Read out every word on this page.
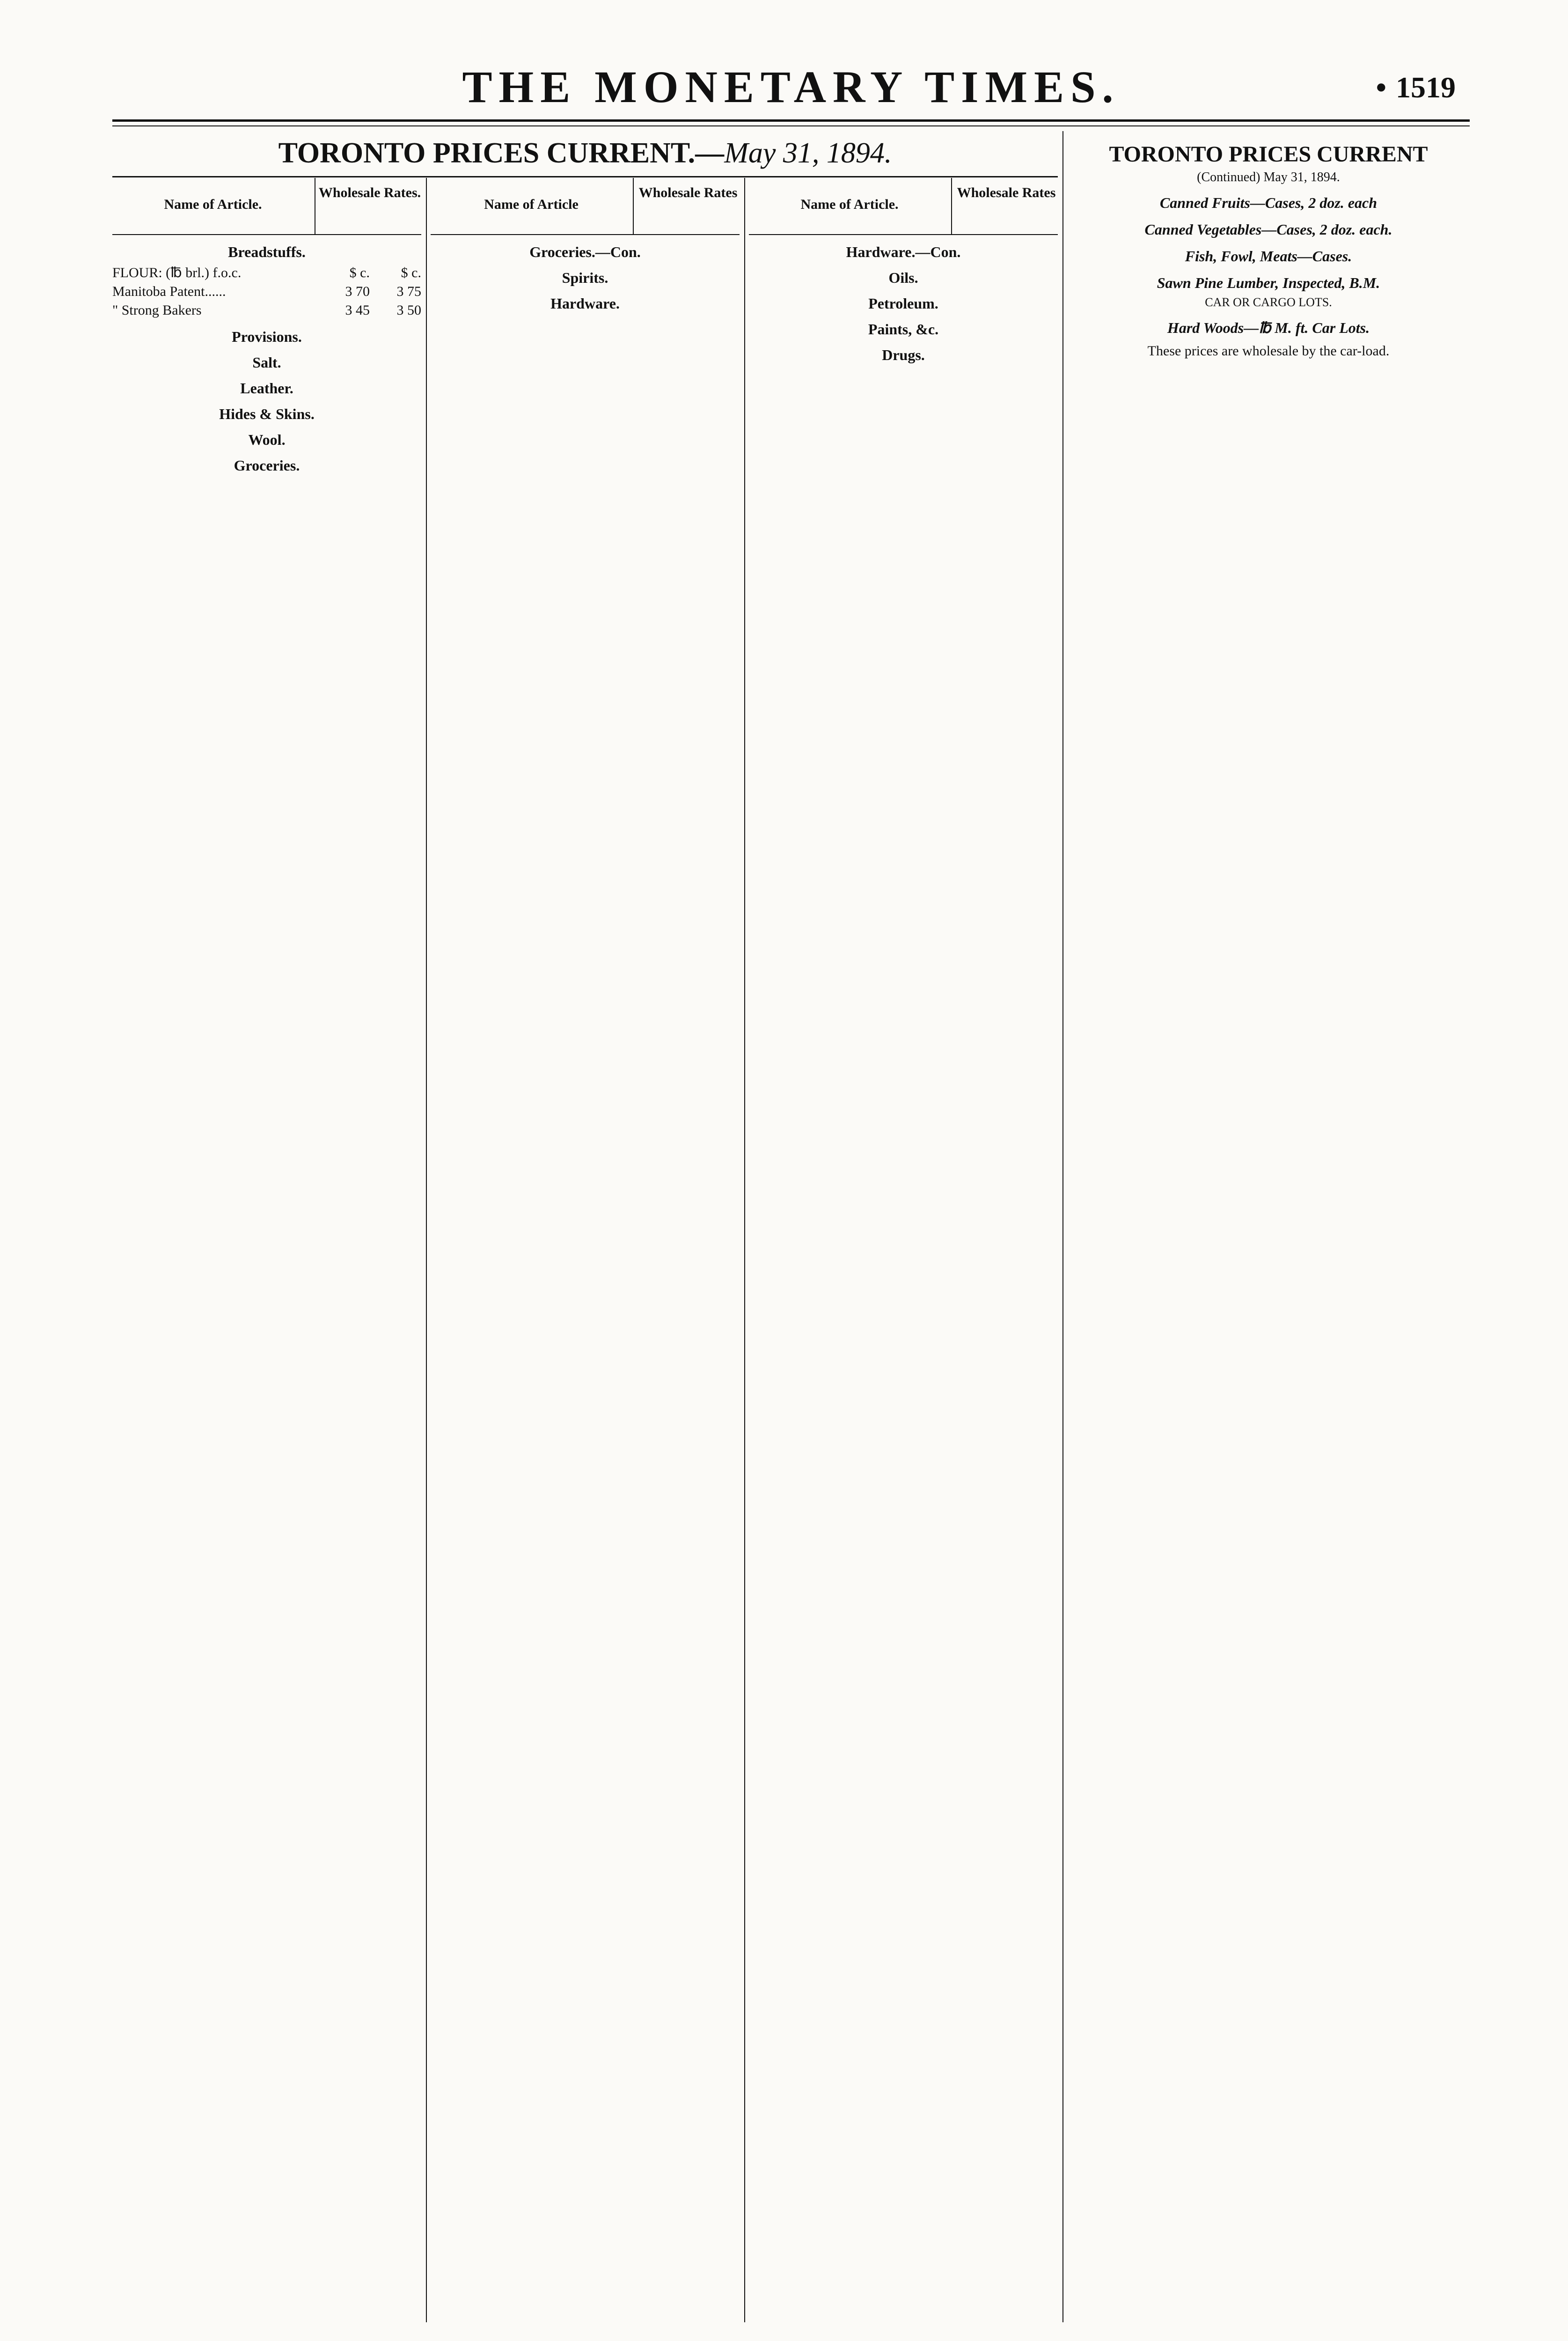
THE MONETARY TIMES.	• 1519
TORONTO PRICES CURRENT.—May 31, 1894.
Name of Article.
Wholesale Rates.
Breadstuffs.
FLOUR: (℔ brl.) f.o.c.	$ c.	$ c.
Manitoba Patent......	3 70	3 75
" Strong Bakers	3 45	3 50
Provisions.
Salt.
Leather.
Hides & Skins.
Wool.
Groceries.
Name of Article
Wholesale Rates
Groceries.—Con.
Spirits.
Hardware.
Name of Article.
Wholesale Rates
Hardware.—Con.
Oils.
Petroleum.
Paints, &c.
Drugs.
TORONTO PRICES CURRENT
(Continued) May 31, 1894.
Canned Fruits—Cases, 2 doz. each
Canned Vegetables—Cases, 2 doz. each.
Fish, Fowl, Meats—Cases.
Sawn Pine Lumber, Inspected, B.M.
CAR OR CARGO LOTS.
Hard Woods—℔ M. ft. Car Lots.
These prices are wholesale by the car-load.
